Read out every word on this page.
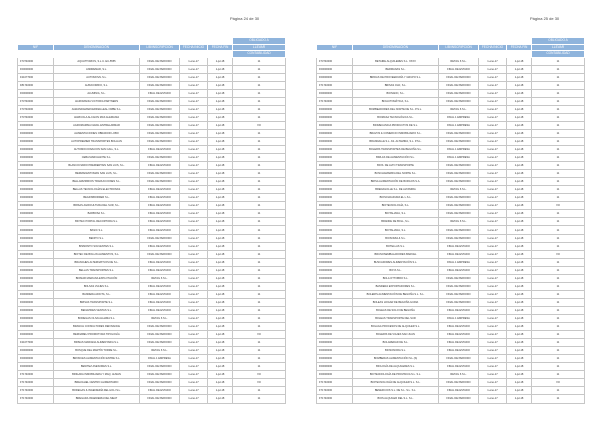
Página 24 de 30
					OBLIGADO A
NIF	DENOMINACIÓN	LIB/INSCRIPCIÓN	FECHA INICIO	FECHA FIN	LLEVAR
					CONTABILIDAD
F73740000	AQUATTORIOS, S.L.U. EU-5555	FINAL DE PERIODO	1-ene-17	1-jul-18	11
F00000000	ANDREMAR, S.L.	FINAL DE PERIODO	1-ene-17	1-jul-18	11
F21077000	AUTOMOVIL S.L.	FINAL DE PERIODO	1-ene-17	1-jul-18	11
F81740000	ALBUCORRIO, S.L.	FINAL DE PERIODO	1-ene-17	1-jul-18	11
F00000000	ALUMINIA, S.L.	FINAL DE ESTADO	1-ene-17	1-jul-18	11
F73740000	AGROMANIA VICTORIA PARTNERS	FINAL DE PERIODO	1-ene-17	1-jul-18	11
F73740000	AGRANDAMARCERRIALLEAL ORBE S.L.	FINAL DE PERIODO	1-ene-17	1-jul-18	11
F73740000	AGRICOLA ALCACIN MAS ALEMANIA	FINAL DE PERIODO	1-ene-17	1-jul-18	11
F00000000	AGROMARINA NAVAL ENTRELARMAR	FINAL DE PERIODO	1-ene-17	1-jul-18	XO
F00000000	ALIMENTACIONES OBRADOR LOBO	FINAL DE PERIODO	1-ene-17	1-jul-18	11
F00000000	AUTOPREMIER TRANSPORTES BOLLIAN	FINAL DE PERIODO	1-ene-17	1-jul-18	11
F00000000	AUTOMOCIONACION SAN CALL, S.L.	FINAL DE ESTADO	1-ene-17	1-jul-18	11
F00000000	CEBA MARCHANTE S.L.	FINAL DE PERIODO	1-ene-17	1-jul-18	11
F00000000	BLANCOVIARIO PREMIERTAIN SAN LUIS, S.L.	FINAL DE ESTADO	1-ene-17	1-jul-18	11
F00000000	BERMAKENTOMAN SAN LUIS, S.L.	FINAL DE PERIODO	1-ene-17	1-jul-18	11
F00000000	BELLARIZRIRIOS TRADUCCIONES S.L.	FINAL DE PERIODO	1-ene-17	1-jul-18	11
F00000000	BELLAS TECNOLOGÍAS ELECTRONAS	FINAL DE ESTADO	1-ene-17	1-jul-18	11
F00000000	BEGINSBORDER S.L.	FINAL DE ESTADO	1-ene-17	1-jul-18	11
F00000000	BRISAS AGRICULTURA DEL SUR, S.L.	FINAL DE ESTADO	1-ene-17	1-jul-18	11
F00000000	BARBOSA S.L.	FINAL DE ESTADO	1-ene-17	1-jul-18	11
F00000000	BIOTEC PORTAL RECORTORA S.L.	FINAL DE ESTADO	1-ene-17	1-jul-18	11
F00000000	BASIC S.L.	FINAL DE ESTADO	1-ene-17	1-jul-18	11
F00000000	BENITO S.L.	FINAL DE PERIODO	1-ene-17	1-jul-18	11
F00000000	BISMONTO SOLVENTES S.L.	FINAL DE ESTADO	1-ene-17	1-jul-18	11
F00000000	BIOTEC DE BOLLIN ALIMENTOS, S.L.	FINAL DE PERIODO	1-ene-17	1-jul-18	11
F00000000	BRANCHES ALTERNATIVOS DE S.L.	FINAL DE ESTADO	1-ene-17	1-jul-18	11
F00000000	BELLAS TRANSPORTES S.L.	FINAL DE ESTADO	1-ene-17	1-jul-18	11
F00000000	BIOMAR MARIANA EXPLOTACIÓN	RETAIL 6 S.L.	1-ene-17	1-jul-18	11
F00000000	BOLSAS VIAJES S.L.	FINAL DE ESTADO	1-ene-17	1-jul-18	11
F00000000	BANDERA ADICTA, S.L.	FINAL DE ESTADO	1-ene-17	1-jul-18	11
F00000000	BRISAS TRANSPORTE S.L.	FINAL DE ESTADO	1-ene-17	1-jul-18	11
F00000000	BENAVIDES VENTAS S.L.	FINAL DE ESTADO	1-ene-17	1-jul-18	11
F00000000	BODEGAS OLIVA ALHAMA S.L.	RETAIL 6 S.L.	1-ene-17	1-jul-18	11
F00000000	BRANCH CONSULTORES REFINANCE	FINAL DE PERIODO	1-ene-17	1-jul-18	11
F00000000	BERNABEU PROMOTORA TIPOLOGÍA	FINAL DE PERIODO	1-ene-17	1-jul-18	XO
F21077000	BRISAS MARIANA ALIMENTARIA S.L.	FINAL DE PERIODO	1-ene-17	1-jul-18	11
F00000000	BOSQUE DEL MARTÍN TORRE S.L.	RETAIL 6 S.L.	1-ene-17	1-jul-18	11
F00000000	BRONCES ALIMENTACIÓN ENTRE S.L.	FINAL 1 EMPRESA	1-ene-17	1-jul-18	11
F00000000	BENITEZ ASESORES S.L.	FINAL DE PERIODO	1-ene-17	1-jul-18	11
F71740000	BRIGADA INMOBILIARIA Y MAQ. ALMAN	FINAL DE PERIODO	1-ene-17	1-jul-18	XO
F71740000	BREUGHEL CENTRO ALIMENTARIO	FINAL DE PERIODO	1-ene-17	1-jul-18	XO
F71740000	BODEGAS & INGENIERÍA DEL HOLI S.L.	FINAL DE ESTADO	1-ene-17	1-jul-18	11
F71740000	BREGADA INGENIERIA DEL MEAT	FINAL DE PERIODO	1-ene-17	1-jul-18	11
Página 25 de 30
					OBLIGADO A
NIF	DENOMINACIÓN	LIB/INSCRIPCIÓN	FECHA INICIO	FECHA FIN	LLEVAR
					CONTABILIDAD
F73740000	BETAIRE ALQUILERES S.L. XXXX	RETAIL 6 S.L.	1-ene-17	1-jul-18	11
F00000000	BERMANAS S.L.	FINAL DE ESTADO	1-ene-17	1-jul-18	11
F00000000	BRIDAS DE PROVEEDURÍA Y GRUPO S.L.	FINAL DE PERIODO	1-ene-17	1-jul-18	11
F71740000	BRISAS OLD, S.L.	FINAL DE PERIODO	1-ene-17	1-jul-18	11
F00000000	BIONANO, S.L.	FINAL DE PERIODO	1-ene-17	1-jul-18	11
F71740000	BIOAUTOMÁTICA, S.L.	FINAL DE PERIODO	1-ene-17	1-jul-18	11
F00000000	BOMBEADORES DEL NORTE DE S.L. P.S.L.	RETAIL 6 S.L.	1-ene-17	1-jul-18	11
F00000000	BIOMASA TECNOLÓGICA S.L.	FINAL 1 EMPRESA	1-ene-17	1-jul-18	11
F00000000	BIOMECANICA PRODUCTOS DE S.L.	FINAL 1 EMPRESA	1-ene-17	1-jul-18	11
F00000000	BRAVOS & COMERCIO INMOBILIARIO S.L.	FINAL DE PERIODO	1-ene-17	1-jul-18	11
F00000000	BRANDALLE S.L. AS. ALTAMIRA, S.L. P.S.L.	FINAL DE PERIODO	1-ene-17	1-jul-18	11
F00000000	BOLERIS TRANSPORTES DE BEGOÑA S.L.	FINAL 1 EMPRESA	1-ene-17	1-jul-18	11
F00000000	BIRLAS DE ALIMENTACIÓN S.L.	FINAL 1 EMPRESA	1-ene-17	1-jul-18	11
F00000000	BIOS. DE ALTO TRANSPORTE	FINAL DE PERIODO	1-ene-17	1-jul-18	11
F00000000	BOSCHAMARRIA DEL NORTE S.L.	FINAL DE PERIODO	1-ene-17	1-jul-18	11
F00000000	BRISA ALIMENTACIÓN DE BURGOS S.A.	FINAL DE PERIODO	1-ene-17	1-jul-18	11
F00000000	BREDAGOLLE S.L. DE ALTAMIRA	RETAIL 6 S.L.	1-ene-17	1-jul-18	11
F00000000	BIOSOLDADURA EL L.S.L.	FINAL DE PERIODO	1-ene-17	1-jul-18	11
F00000000	BIOTECNOLOGÍA, S.L.	FINAL DE PERIODO	1-ene-17	1-jul-18	XO
F00000000	BIOTALIANA, S.L.	FINAL DE PERIODO	1-ene-17	1-jul-18	11
F00000000	BRANDE DE BOLL, S.L.	RETAIL 6 S.L.	1-ene-17	1-jul-18	11
F00000000	BIOTALIANA, S.L.	FINAL DE PERIODO	1-ene-17	1-jul-18	11
F00000000	BIOSOMIA & S.L.	FINAL DE PERIODO	1-ene-17	1-jul-18	11
F00000000	BOTELLAS S.L.	FINAL DE ESTADO	1-ene-17	1-jul-18	11
F00000000	BRUNOSEMBALADORES BARCEL	FINAL DE ESTADO	1-ene-17	1-jul-18	XO
F00000000	BUSCADORES ALIMENTACIÓN S.L.	FINAL 1 EMPRESA	1-ene-17	1-jul-18	11
F00000000	BOYA S.L.	FINAL DE ESTADO	1-ene-17	1-jul-18	11
F00000000	BOLA OTTOBRO S.L.	FINAL DE PERIODO	1-ene-17	1-jul-18	11
F00000000	BANDERA EXPORTADORES S.L.	FINAL DE PERIODO	1-ene-17	1-jul-18	11
F00000000	BOLERIS ALIMENTACIÓN DE BEGOÑA S.L. S.L.	FINAL DE PERIODO	1-ene-17	1-jul-18	11
F00000000	BOLEAS HOGAR DE BEGOÑA GURIA	FINAL DE PERIODO	1-ene-17	1-jul-18	11
F00000000	BOLEAS DE SOLO DE BEGOÑA	FINAL DE ESTADO	1-ene-17	1-jul-18	11
F00000000	BOLEAS TRANSPORTE DEL SUR	FINAL 1 EMPRESA	1-ene-17	1-jul-18	11
F00000000	BOLAGA PROCESOS DE ALQUILER S.L.	FINAL DE ESTADO	1-ene-17	1-jul-18	11
F00000000	BOLERIS DE VIAJES SAN JUAN	FINAL DE ESTADO	1-ene-17	1-jul-18	11
F00000000	BOLAREDAD DE S.L.	FINAL DE ESTADO	1-ene-17	1-jul-18	11
F00000000	BIOSONORA S.L.	FINAL DE ESTADO	1-ene-17	1-jul-18	11
F00000000	BOMBERAS ALIMENTACIÓN S.L.(S)	FINAL DE PERIODO	1-ene-17	1-jul-18	11
F00000000	BIOLOGÍA DE ALQUILERES S.L.	FINAL DE ESTADO	1-ene-17	1-jul-18	11
F00000000	BIOTECNOLOGÍA DE PROVINCIA S.L. S.L.	RETAIL 6 S.L.	1-ene-17	1-jul-18	11
F71740000	BIOTECNOLOGÍA DE ALQUILER S.L. S.L.	FINAL DE PERIODO	1-ene-17	1-jul-18	XO
F71740000	BENEFICIOS S.L. DE S.L. S.L. S.L.	FINAL DE ESTADO	1-ene-17	1-jul-18	11
F71740000	BIOS ALQUILER DEL S.L. S.L.	FINAL DE PERIODO	1-ene-17	1-jul-18	11
